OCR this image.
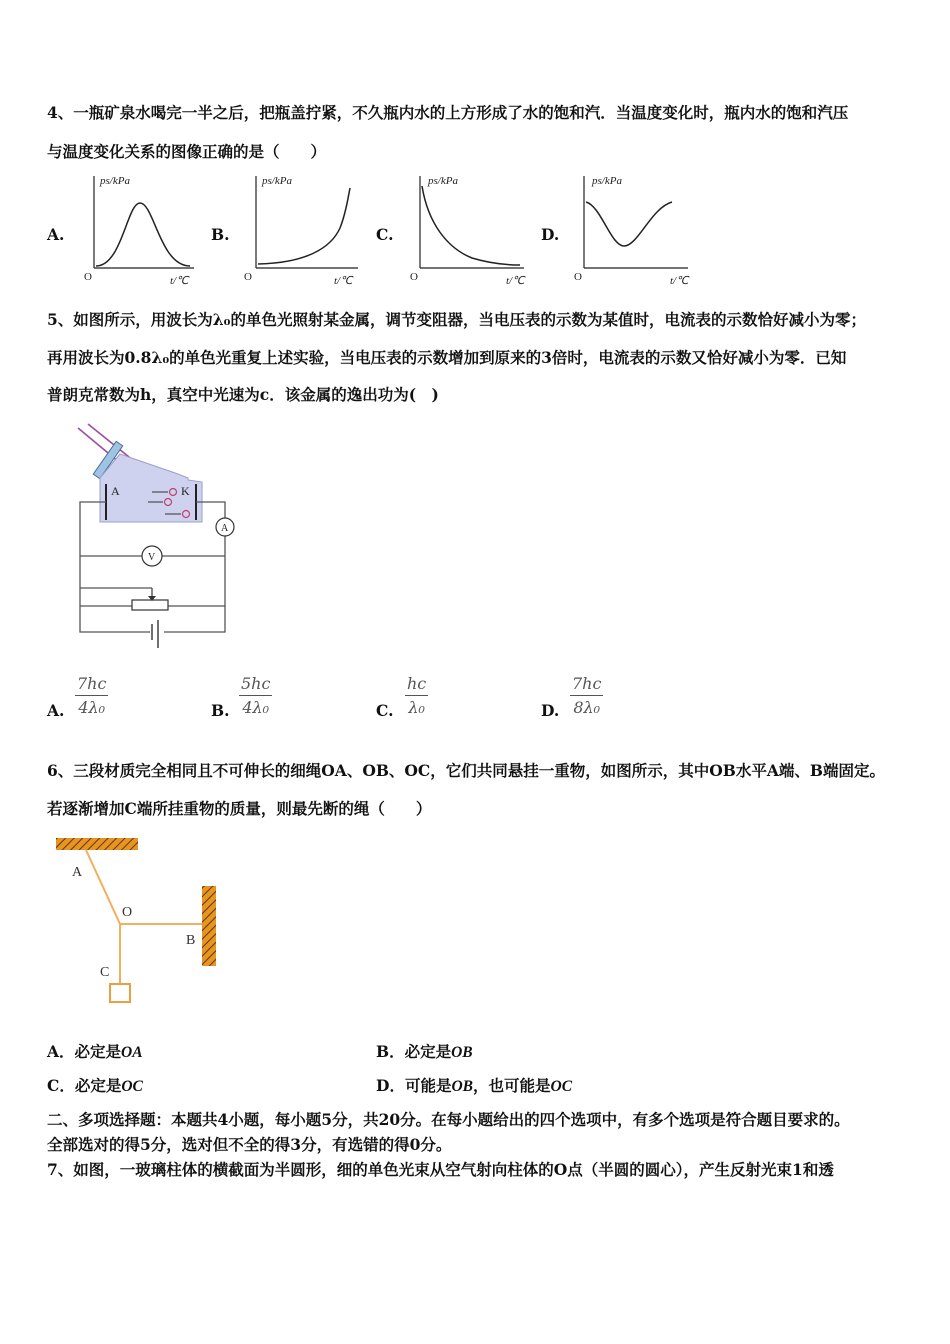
4、一瓶矿泉水喝完一半之后，把瓶盖拧紧，不久瓶内水的上方形成了水的饱和汽．当温度变化时，瓶内水的饱和汽压
与温度变化关系的图像正确的是（　　）
A.
ps/kPa
O	t/℃
B.
ps/kPa
O	t/℃
C.
ps/kPa
O	t/℃
D.
ps/kPa
O	t/℃
5、如图所示，用波长为λ₀的单色光照射某金属，调节变阻器，当电压表的示数为某值时，电流表的示数恰好减小为零；
再用波长为0.8λ₀的单色光重复上述实验，当电压表的示数增加到原来的3倍时，电流表的示数又恰好减小为零．已知
普朗克常数为h，真空中光速为c．该金属的逸出功为(　)
A	K
A
V
A.
7hc
4λ₀	B.
5hc
4λ₀	C.
hc
λ₀	D.
7hc
8λ₀
6、三段材质完全相同且不可伸长的细绳OA、OB、OC，它们共同悬挂一重物，如图所示，其中OB水平A端、B端固定。
若逐渐增加C端所挂重物的质量，则最先断的绳（　　）
A
O
B
C
A．必定是OA	B．必定是OB
C．必定是OC	D．可能是OB，也可能是OC
二、多项选择题：本题共4小题，每小题5分，共20分。在每小题给出的四个选项中，有多个选项是符合题目要求的。
全部选对的得5分，选对但不全的得3分，有选错的得0分。
7、如图，一玻璃柱体的横截面为半圆形，细的单色光束从空气射向柱体的O点（半圆的圆心），产生反射光束1和透
